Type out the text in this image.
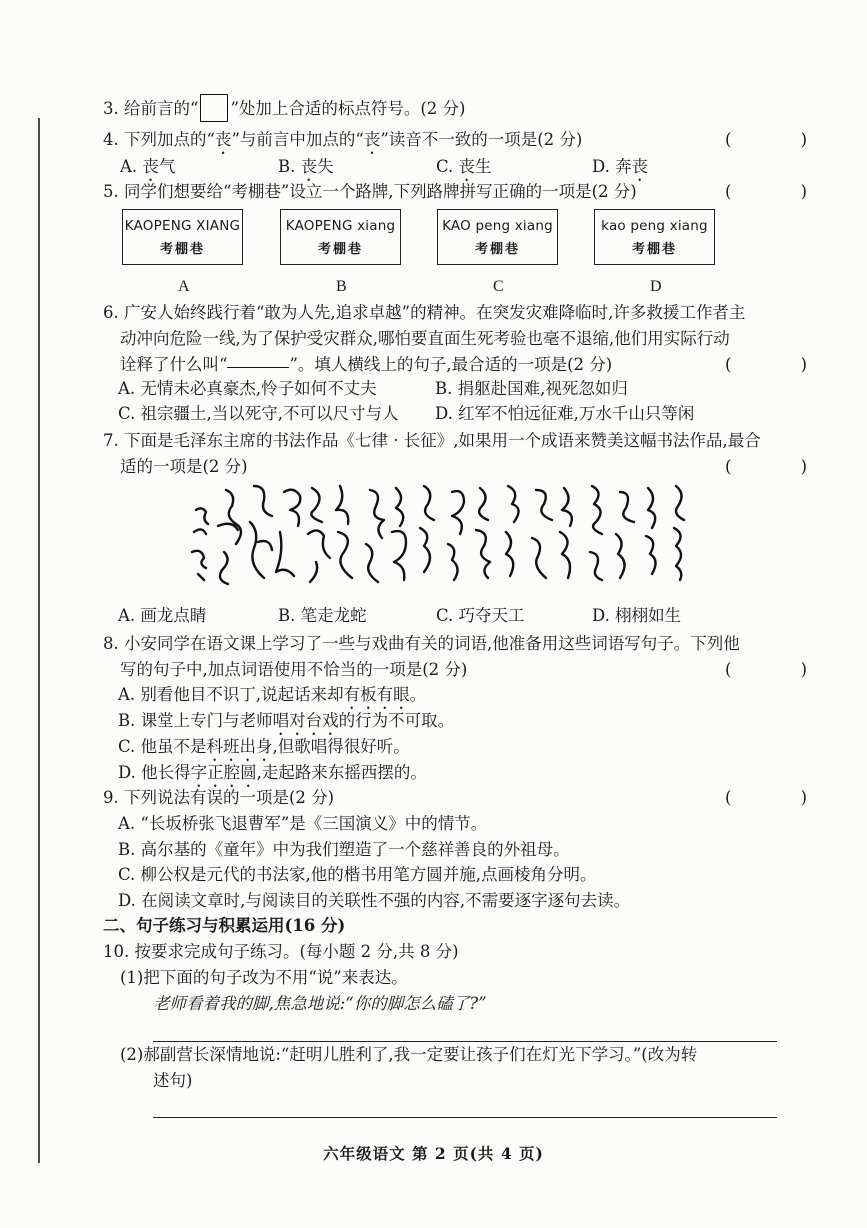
3. 给前言的“ ”处加上合适的标点符号。(2 分)
4. 下列加点的“丧”与前言中加点的“丧”读音不一致的一项是(2 分)	( )
A. 丧气	B. 丧失	C. 丧生	D. 奔丧
5. 同学们想要给“考棚巷”设立一个路牌,下列路牌拼写正确的一项是(2 分)	( )
KAOPENG XIANG
考棚巷
KAOPENG xiang
考棚巷
KAO peng xiang
考棚巷
kao peng xiang
考棚巷
A	B	C	D
6. 广安人始终践行着“敢为人先,追求卓越”的精神。在突发灾难降临时,许多救援工作者主
动冲向危险一线,为了保护受灾群众,哪怕要直面生死考验也毫不退缩,他们用实际行动
诠释了什么叫“	”。填人横线上的句子,最合适的一项是(2 分)	( )
A. 无情未必真豪杰,怜子如何不丈夫	B. 捐躯赴国难,视死忽如归
C. 祖宗疆土,当以死守,不可以尺寸与人 D. 红军不怕远征难,万水千山只等闲
7. 下面是毛泽东主席的书法作品《七律 · 长征》,如果用一个成语来赞美这幅书法作品,最合
适的一项是(2 分)	( )
A. 画龙点睛	B. 笔走龙蛇	C. 巧夺天工	D. 栩栩如生
8. 小安同学在语文课上学习了一些与戏曲有关的词语,他准备用这些词语写句子。下列他
写的句子中,加点词语使用不恰当的一项是(2 分)	( )
A. 别看他目不识丁,说起话来却有板有眼。
B. 课堂上专门与老师唱对台戏的行为不可取。
C. 他虽不是科班出身,但歌唱得很好听。
D. 他长得字正腔圆,走起路来东摇西摆的。
9. 下列说法有误的一项是(2 分)	( )
A. “长坂桥张飞退曹军”是《三国演义》中的情节。
B. 高尔基的《童年》中为我们塑造了一个慈祥善良的外祖母。
C. 柳公权是元代的书法家,他的楷书用笔方圆并施,点画棱角分明。
D. 在阅读文章时,与阅读目的关联性不强的内容,不需要逐字逐句去读。
二、句子练习与积累运用(16 分)
10. 按要求完成句子练习。(每小题 2 分,共 8 分)
(1)把下面的句子改为不用“说”来表达。
老师看着我的脚,焦急地说:“你的脚怎么磕了?”
(2)郝副营长深情地说:“赶明儿胜利了,我一定要让孩子们在灯光下学习。”(改为转
述句)
六年级语文 第 2 页(共 4 页)
